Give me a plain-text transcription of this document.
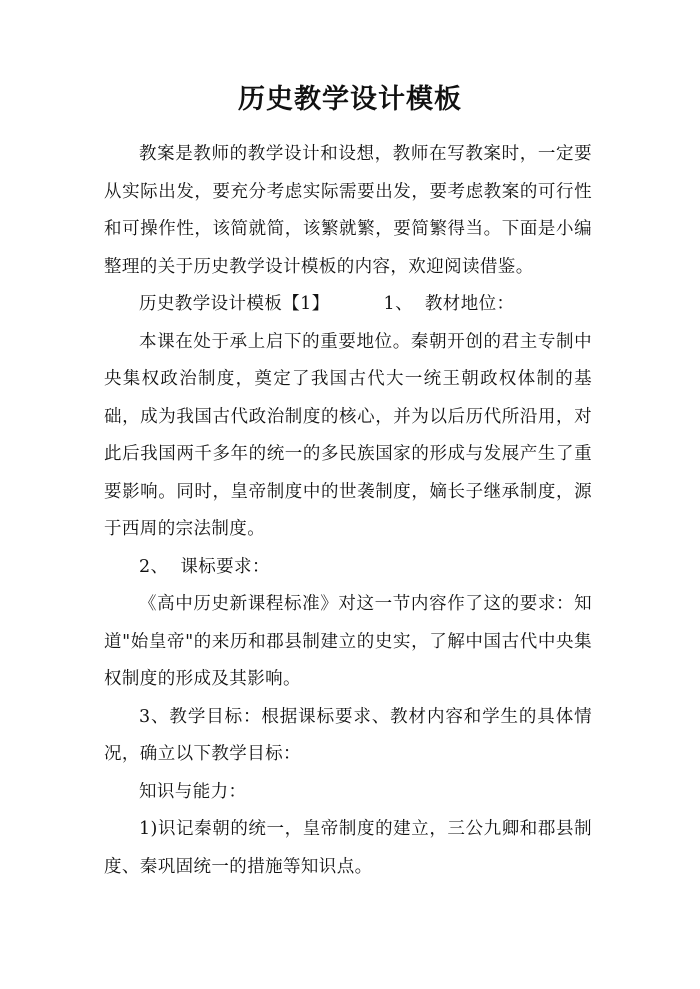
历史教学设计模板

教案是教师的教学设计和设想，教师在写教案时，一定要从实际出发，要充分考虑实际需要出发，要考虑教案的可行性和可操作性，该简就简，该繁就繁，要简繁得当。下面是小编整理的关于历史教学设计模板的内容，欢迎阅读借鉴。

历史教学设计模板【1】	1、  教材地位：

本课在处于承上启下的重要地位。秦朝开创的君主专制中央集权政治制度，奠定了我国古代大一统王朝政权体制的基础，成为我国古代政治制度的核心，并为以后历代所沿用，对此后我国两千多年的统一的多民族国家的形成与发展产生了重要影响。同时，皇帝制度中的世袭制度，嫡长子继承制度，源于西周的宗法制度。

2、  课标要求：

《高中历史新课程标准》对这一节内容作了这的要求：知道"始皇帝"的来历和郡县制建立的史实，了解中国古代中央集权制度的形成及其影响。

3、教学目标：根据课标要求、教材内容和学生的具体情况，确立以下教学目标：

知识与能力：

1)识记秦朝的统一，皇帝制度的建立，三公九卿和郡县制度、秦巩固统一的措施等知识点。
